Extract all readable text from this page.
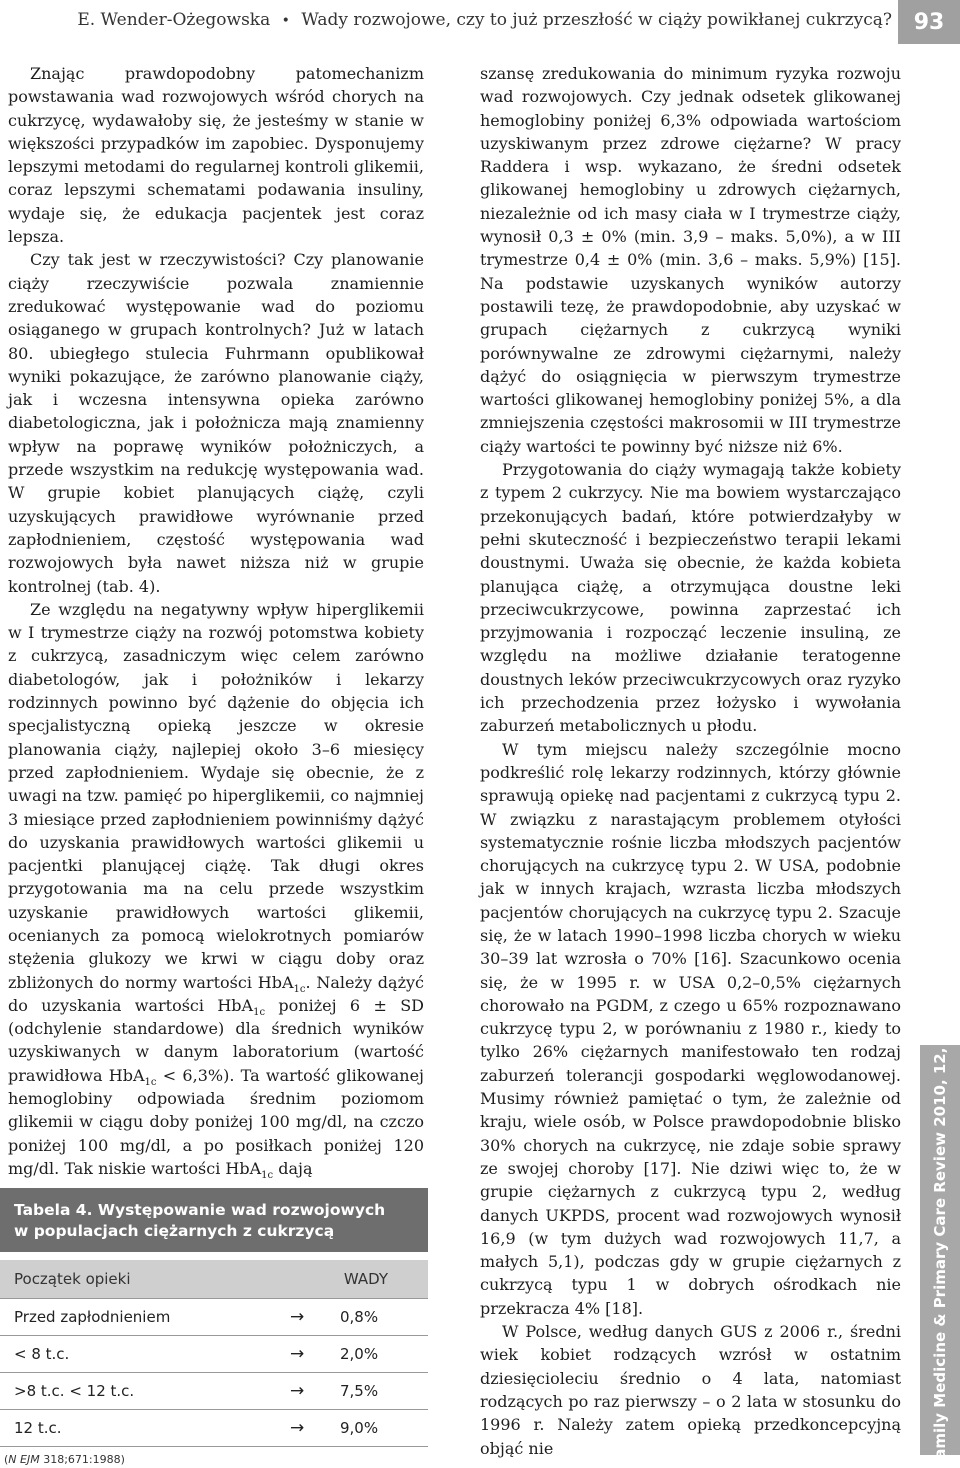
E. Wender-Ożegowska • Wady rozwojowe, czy to już przeszłość w ciąży powikłanej cukrzycą? 93

Znając prawdopodobny patomechanizm powstawania wad rozwojowych wśród chorych na cukrzycę, wydawałoby się, że jesteśmy w stanie w większości przypadków im zapobiec. Dysponujemy lepszymi metodami do regularnej kontroli glikemii, coraz lepszymi schematami podawania insuliny, wydaje się, że edukacja pacjentek jest coraz lepsza.

Czy tak jest w rzeczywistości? Czy planowanie ciąży rzeczywiście pozwala znamiennie zredukować występowanie wad do poziomu osiąganego w grupach kontrolnych? Już w latach 80. ubiegłego stulecia Fuhrmann opublikował wyniki pokazujące, że zarówno planowanie ciąży, jak i wczesna intensywna opieka zarówno diabetologiczna, jak i położnicza mają znamienny wpływ na poprawę wyników położniczych, a przede wszystkim na redukcję występowania wad. W grupie kobiet planujących ciążę, czyli uzyskujących prawidłowe wyrównanie przed zapłodnieniem, częstość występowania wad rozwojowych była nawet niższa niż w grupie kontrolnej (tab. 4).

Ze względu na negatywny wpływ hiperglikemii w I trymestrze ciąży na rozwój potomstwa kobiety z cukrzycą, zasadniczym więc celem zarówno diabetologów, jak i położników i lekarzy rodzinnych powinno być dążenie do objęcia ich specjalistyczną opieką jeszcze w okresie planowania ciąży, najlepiej około 3–6 miesięcy przed zapłodnieniem. Wydaje się obecnie, że z uwagi na tzw. pamięć po hiperglikemii, co najmniej 3 miesiące przed zapłodnieniem powinniśmy dążyć do uzyskania prawidłowych wartości glikemii u pacjentki planującej ciążę. Tak długi okres przygotowania ma na celu przede wszystkim uzyskanie prawidłowych wartości glikemii, ocenianych za pomocą wielokrotnych pomiarów stężenia glukozy we krwi w ciągu doby oraz zbliżonych do normy wartości HbA$_{1c}$. Należy dążyć do uzyskania wartości HbA$_{1c}$ poniżej 6 ± SD (odchylenie standardowe) dla średnich wyników uzyskiwanych w danym laboratorium (wartość prawidłowa HbA$_{1c}$ < 6,3%). Ta wartość glikowanej hemoglobiny odpowiada średnim poziomom glikemii w ciągu doby poniżej 100 mg/dl, na czczo poniżej 100 mg/dl, a po posiłkach poniżej 120 mg/dl. Tak niskie wartości HbA$_{1c}$ dają

Tabela 4. Występowanie wad rozwojowych
w populacjach ciężarnych z cukrzycą
Początek opieki	WADY
Przed zapłodnieniem	→	0,8%
< 8 t.c.	→	2,0%
>8 t.c. < 12 t.c.	→	7,5%
12 t.c.	→	9,0%
(N EJM 318;671:1988)

szansę zredukowania do minimum ryzyka rozwoju wad rozwojowych. Czy jednak odsetek glikowanej hemoglobiny poniżej 6,3% odpowiada wartościom uzyskiwanym przez zdrowe ciężarne? W pracy Raddera i wsp. wykazano, że średni odsetek glikowanej hemoglobiny u zdrowych ciężarnych, niezależnie od ich masy ciała w I trymestrze ciąży, wynosił 0,3 ± 0% (min. 3,9 – maks. 5,0%), a w III trymestrze 0,4 ± 0% (min. 3,6 – maks. 5,9%) [15]. Na podstawie uzyskanych wyników autorzy postawili tezę, że prawdopodobnie, aby uzyskać w grupach ciężarnych z cukrzycą wyniki porównywalne ze zdrowymi ciężarnymi, należy dążyć do osiągnięcia w pierwszym trymestrze wartości glikowanej hemoglobiny poniżej 5%, a dla zmniejszenia częstości makrosomii w III trymestrze ciąży wartości te powinny być niższe niż 6%.

Przygotowania do ciąży wymagają także kobiety z typem 2 cukrzycy. Nie ma bowiem wystarczająco przekonujących badań, które potwierdzałyby w pełni skuteczność i bezpieczeństwo terapii lekami doustnymi. Uważa się obecnie, że każda kobieta planująca ciążę, a otrzymująca doustne leki przeciwcukrzycowe, powinna zaprzestać ich przyjmowania i rozpocząć leczenie insuliną, ze względu na możliwe działanie teratogenne doustnych leków przeciwcukrzycowych oraz ryzyko ich przechodzenia przez łożysko i wywołania zaburzeń metabolicznych u płodu.

W tym miejscu należy szczególnie mocno podkreślić rolę lekarzy rodzinnych, którzy głównie sprawują opiekę nad pacjentami z cukrzycą typu 2. W związku z narastającym problemem otyłości systematycznie rośnie liczba młodszych pacjentów chorujących na cukrzycę typu 2. W USA, podobnie jak w innych krajach, wzrasta liczba młodszych pacjentów chorujących na cukrzycę typu 2. Szacuje się, że w latach 1990–1998 liczba chorych w wieku 30–39 lat wzrosła o 70% [16]. Szacunkowo ocenia się, że w 1995 r. w USA 0,2–0,5% ciężarnych chorowało na PGDM, z czego u 65% rozpoznawano cukrzycę typu 2, w porównaniu z 1980 r., kiedy to tylko 26% ciężarnych manifestowało ten rodzaj zaburzeń tolerancji gospodarki węglowodanowej. Musimy również pamiętać o tym, że zależnie od kraju, wiele osób, w Polsce prawdopodobnie blisko 30% chorych na cukrzycę, nie zdaje sobie sprawy ze swojej choroby [17]. Nie dziwi więc to, że w grupie ciężarnych z cukrzycą typu 2, według danych UKPDS, procent wad rozwojowych wynosił 16,9 (w tym dużych wad rozwojowych 11,7, a małych 5,1), podczas gdy w grupie ciężarnych z cukrzycą typu 1 w dobrych ośrodkach nie przekracza 4% [18].

W Polsce, według danych GUS z 2006 r., średni wiek kobiet rodzących wzrósł w ostatnim dziesięcioleciu średnio o 4 lata, natomiast rodzących po raz pierwszy – o 2 lata w stosunku do 1996 r. Należy zatem opieką przedkoncepcyjną objąć nie	Family Medicine & Primary Care Review 2010, 12, 1
